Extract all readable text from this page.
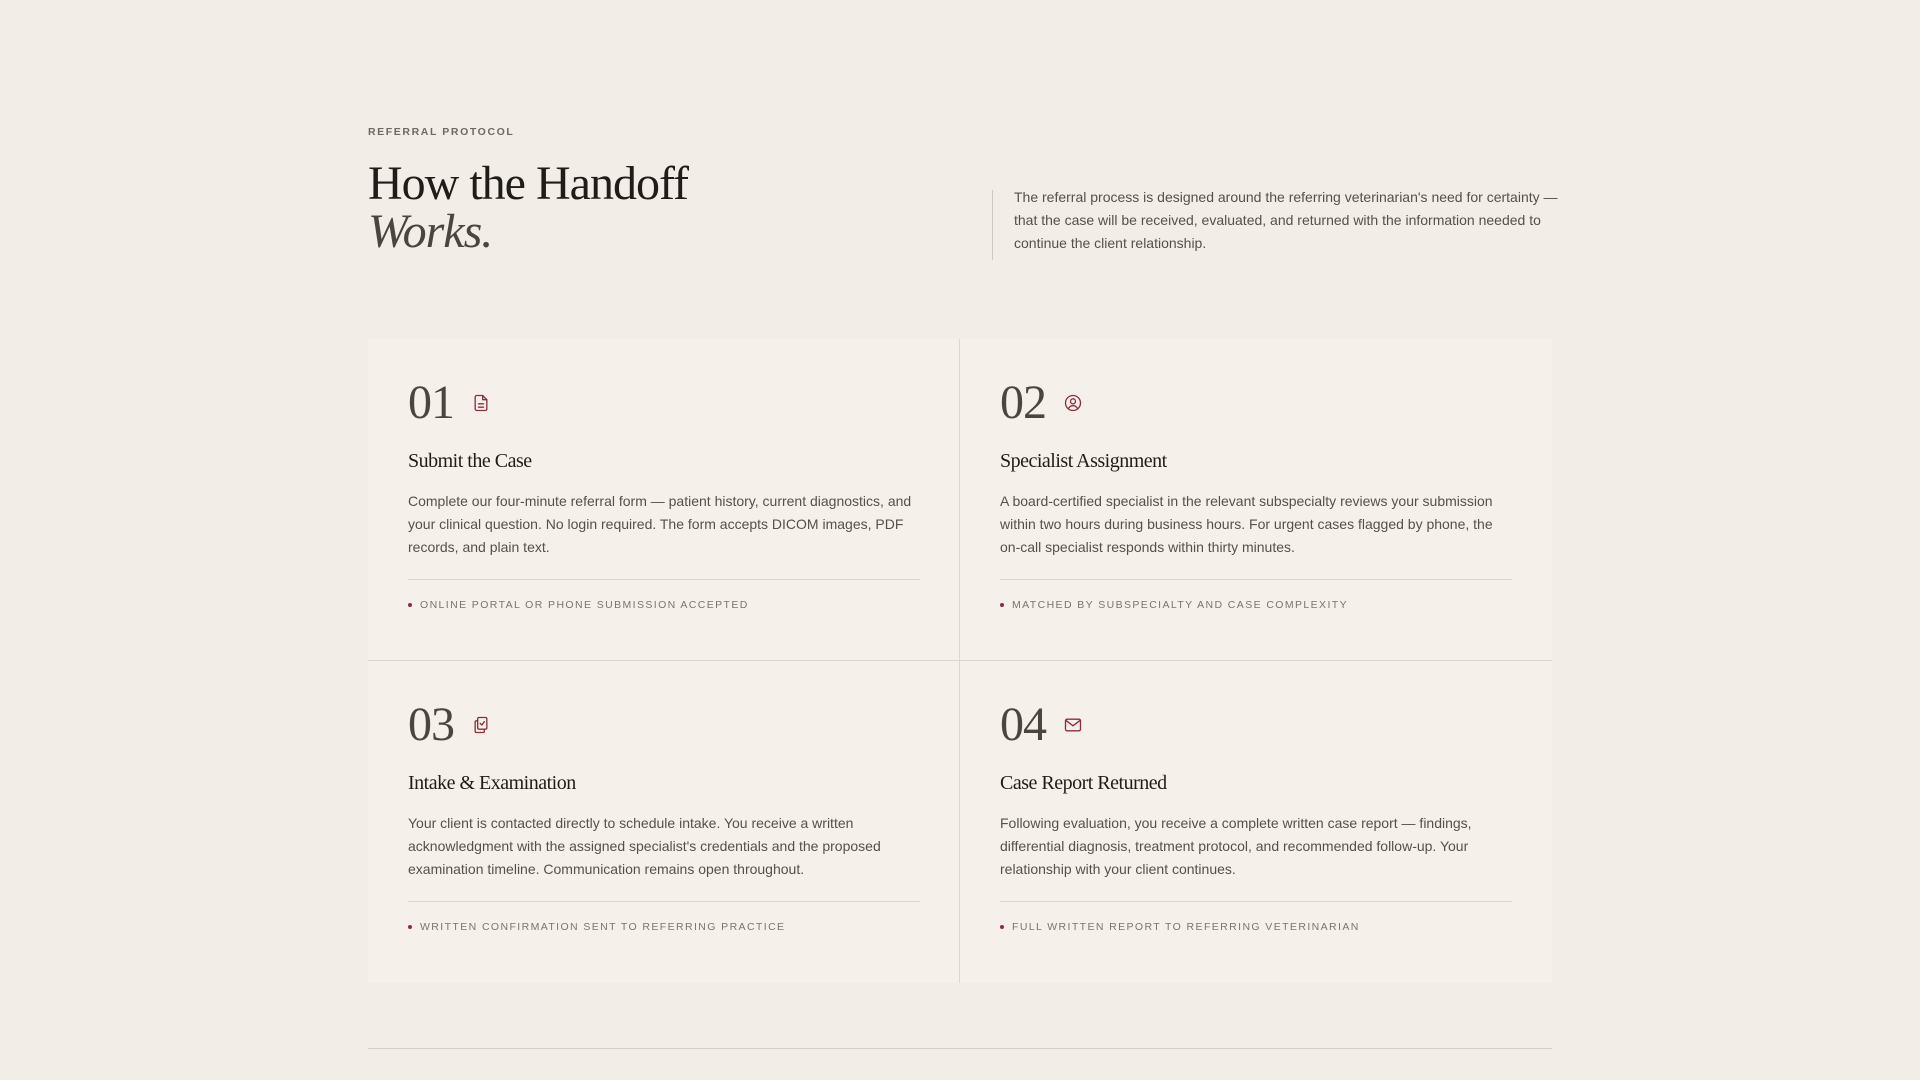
REFERRAL PROTOCOL
How the Handoff
Works.

The referral process is designed around the referring veterinarian's need for certainty — that the case will be received, evaluated, and returned with the information needed to continue the client relationship.

01
Submit the Case

Complete our four-minute referral form — patient history, current diagnostics, and your clinical question. No login required. The form accepts DICOM images, PDF records, and plain text.

ONLINE PORTAL OR PHONE SUBMISSION ACCEPTED
02
Specialist Assignment

A board-certified specialist in the relevant subspecialty reviews your submission within two hours during business hours. For urgent cases flagged by phone, the on-call specialist responds within thirty minutes.

MATCHED BY SUBSPECIALTY AND CASE COMPLEXITY
03
Intake & Examination

Your client is contacted directly to schedule intake. You receive a written acknowledgment with the assigned specialist's credentials and the proposed examination timeline. Communication remains open throughout.

WRITTEN CONFIRMATION SENT TO REFERRING PRACTICE
04
Case Report Returned

Following evaluation, you receive a complete written case report — findings, differential diagnosis, treatment protocol, and recommended follow-up. Your relationship with your client continues.

FULL WRITTEN REPORT TO REFERRING VETERINARIAN
